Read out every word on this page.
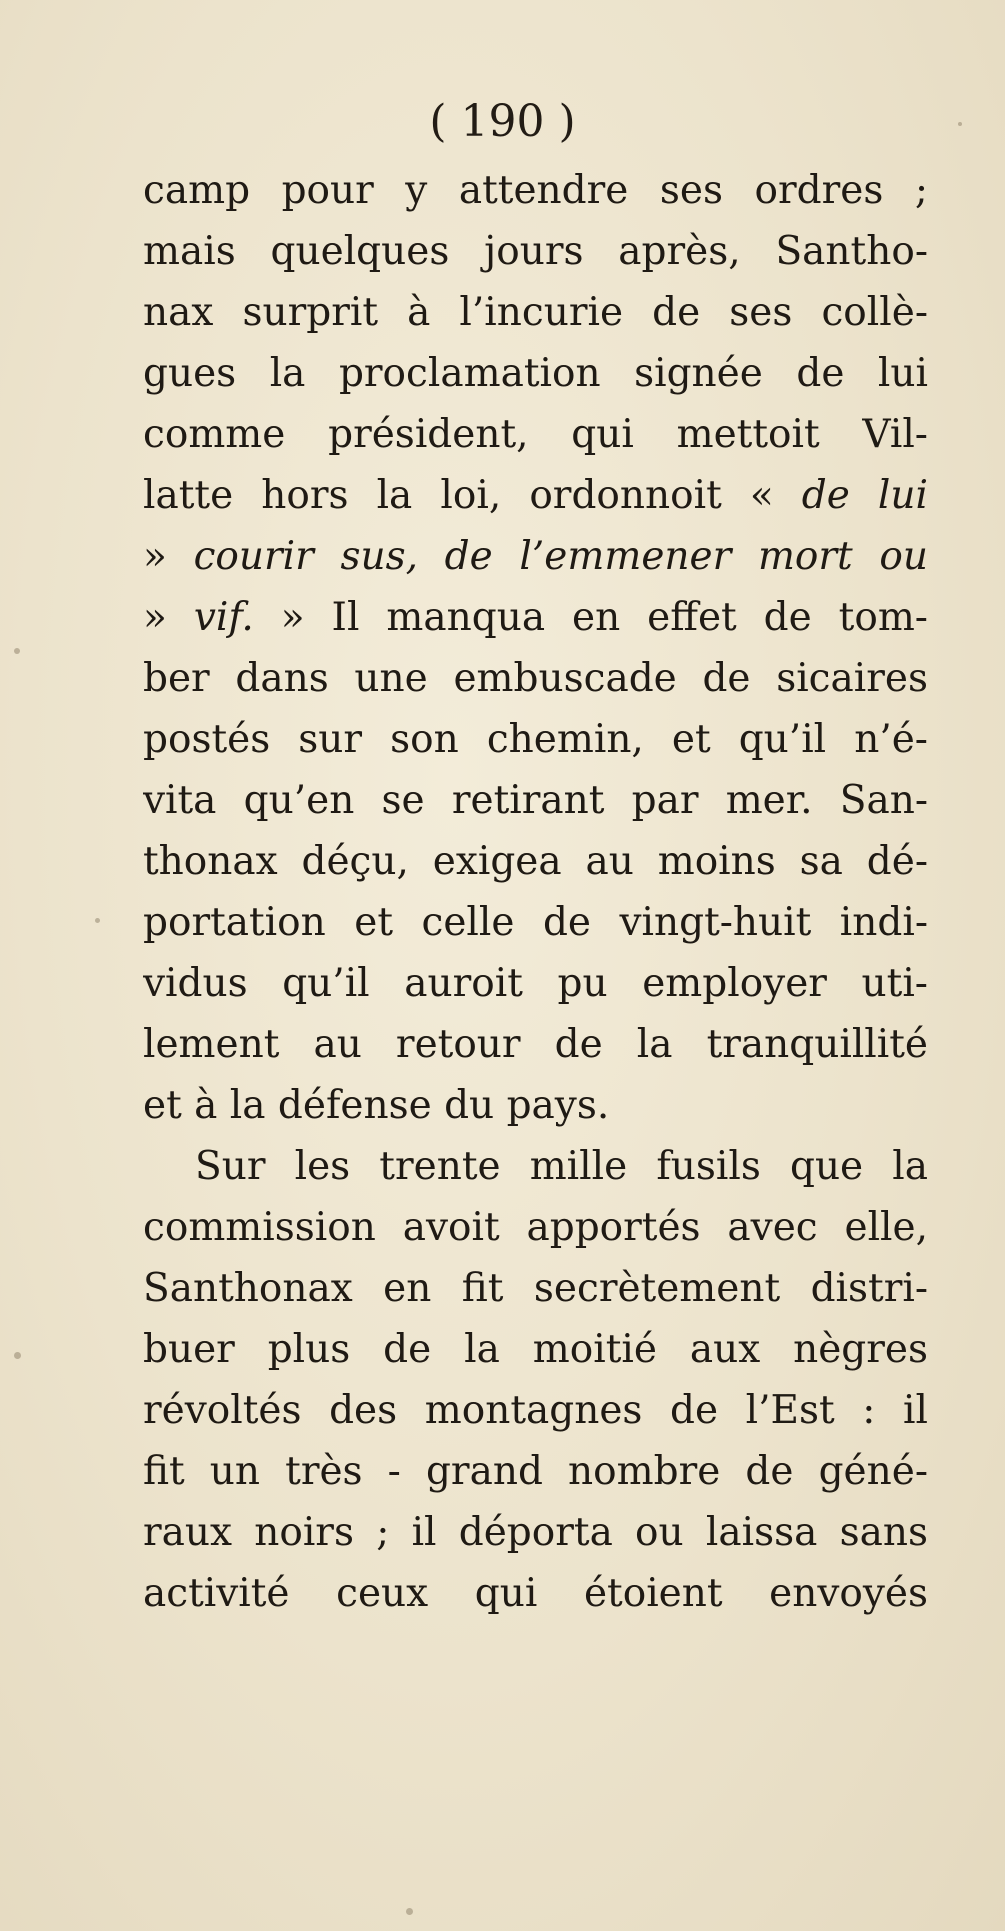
( 190 )
camp pour y attendre ses ordres ;
mais quelques jours après, Santho-
nax surprit à l’incurie de ses collè-
gues la proclamation signée de lui
comme président, qui mettoit Vil-
latte hors la loi, ordonnoit « de lui
» courir sus, de l’emmener mort ou
» vif. » Il manqua en effet de tom-
ber dans une embuscade de sicaires
postés sur son chemin, et qu’il n’é-
vita qu’en se retirant par mer. San-
thonax déçu, exigea au moins sa dé-
portation et celle de vingt-huit indi-
vidus qu’il auroit pu employer uti-
lement au retour de la tranquillité
et à la défense du pays.
Sur les trente mille fusils que la
commission avoit apportés avec elle,
Santhonax en fit secrètement distri-
buer plus de la moitié aux nègres
révoltés des montagnes de l’Est : il
fit un très - grand nombre de géné-
raux noirs ; il déporta ou laissa sans
activité ceux qui étoient envoyés
